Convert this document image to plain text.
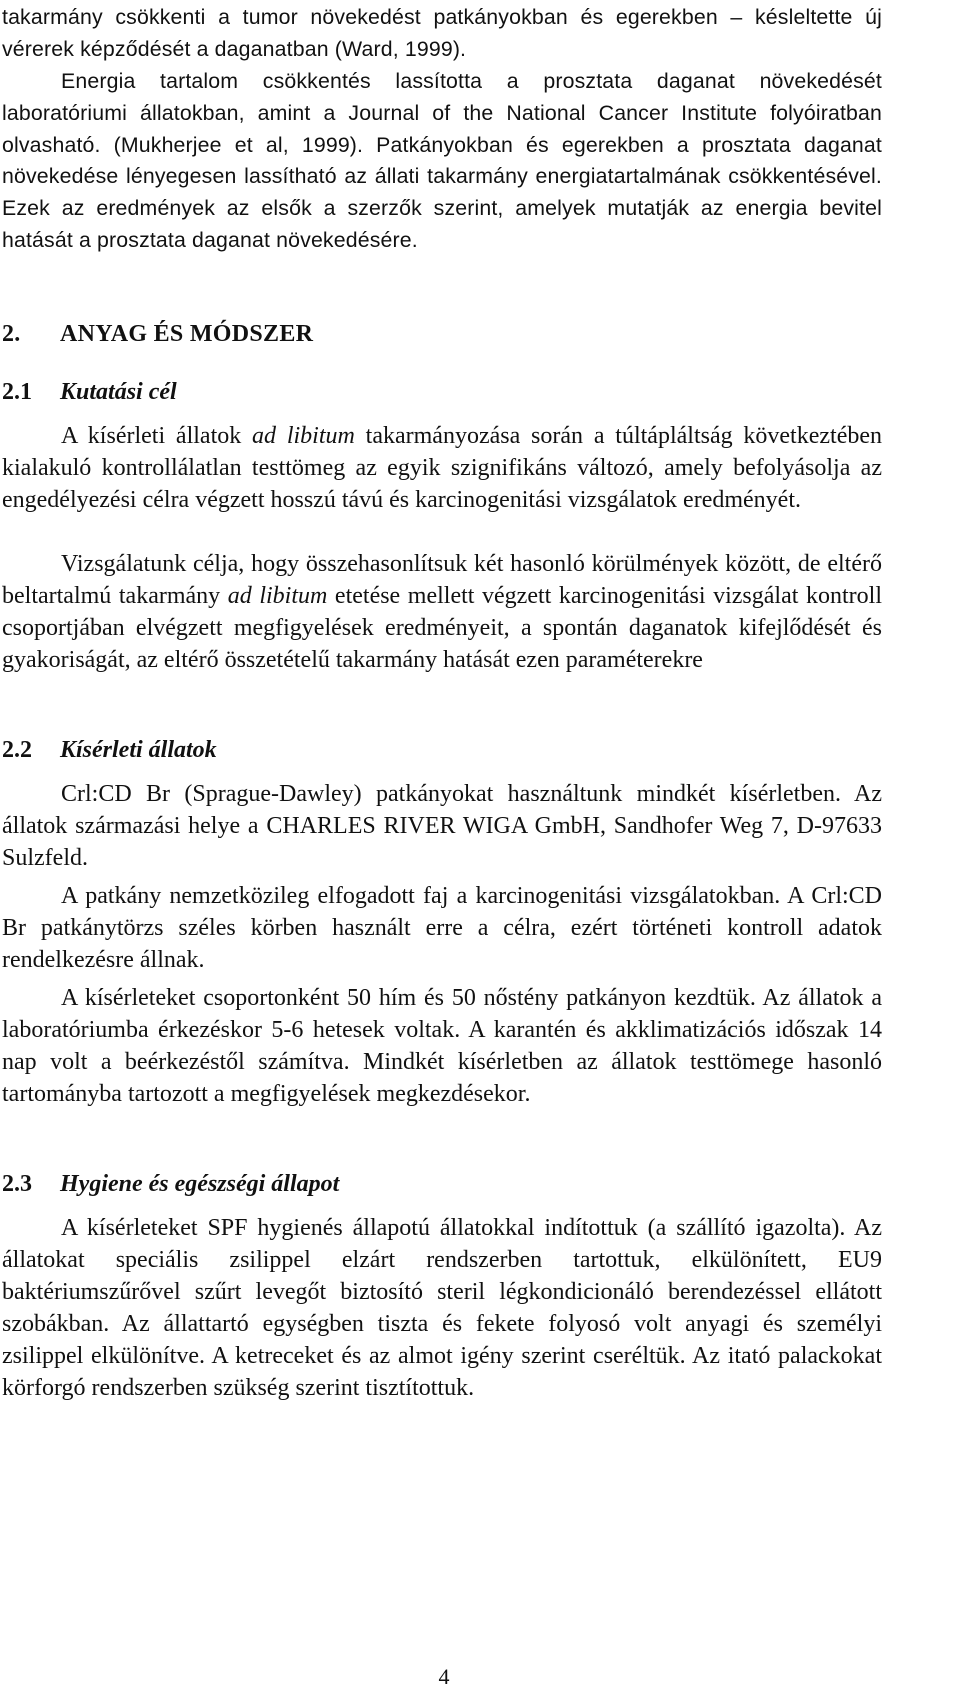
takarmány csökkenti a tumor növekedést patkányokban és egerekben – késleltette új vérerek képződését a daganatban (Ward, 1999).

Energia tartalom csökkentés lassította a prosztata daganat növekedését laboratóriumi állatokban, amint a Journal of the National Cancer Institute folyóiratban olvasható. (Mukherjee et al, 1999). Patkányokban és egerekben a prosztata daganat növekedése lényegesen lassítható az állati takarmány energiatartalmának csökkentésével. Ezek az eredmények az elsők a szerzők szerint, amelyek mutatják az energia bevitel hatását a prosztata daganat növekedésére.

2. ANYAG ÉS MÓDSZER
2.1 Kutatási cél

A kísérleti állatok ad libitum takarmányozása során a túltápláltság következtében kialakuló kontrollálatlan testtömeg az egyik szignifikáns változó, amely befolyásolja az engedélyezési célra végzett hosszú távú és karcinogenitási vizsgálatok eredményét.

Vizsgálatunk célja, hogy összehasonlítsuk két hasonló körülmények között, de eltérő beltartalmú takarmány ad libitum etetése mellett végzett karcinogenitási vizsgálat kontroll csoportjában elvégzett megfigyelések eredményeit, a spontán daganatok kifejlődését és gyakoriságát, az eltérő összetételű takarmány hatását ezen paraméterekre

2.2 Kísérleti állatok

Crl:CD Br (Sprague-Dawley) patkányokat használtunk mindkét kísérletben. Az állatok származási helye a CHARLES RIVER WIGA GmbH, Sandhofer Weg 7, D-97633 Sulzfeld.

A patkány nemzetközileg elfogadott faj a karcinogenitási vizsgálatokban. A Crl:CD Br patkánytörzs széles körben használt erre a célra, ezért történeti kontroll adatok rendelkezésre állnak.

A kísérleteket csoportonként 50 hím és 50 nőstény patkányon kezdtük. Az állatok a laboratóriumba érkezéskor 5-6 hetesek voltak. A karantén és akklimatizációs időszak 14 nap volt a beérkezéstől számítva. Mindkét kísérletben az állatok testtömege hasonló tartományba tartozott a megfigyelések megkezdésekor.

2.3 Hygiene és egészségi állapot

A kísérleteket SPF hygienés állapotú állatokkal indítottuk (a szállító igazolta). Az állatokat speciális zsilippel elzárt rendszerben tartottuk, elkülönített, EU9 baktériumszűrővel szűrt levegőt biztosító steril légkondicionáló berendezéssel ellátott szobákban. Az állattartó egységben tiszta és fekete folyosó volt anyagi és személyi zsilippel elkülönítve. A ketreceket és az almot igény szerint cseréltük. Az itató palackokat körforgó rendszerben szükség szerint tisztítottuk.

4
